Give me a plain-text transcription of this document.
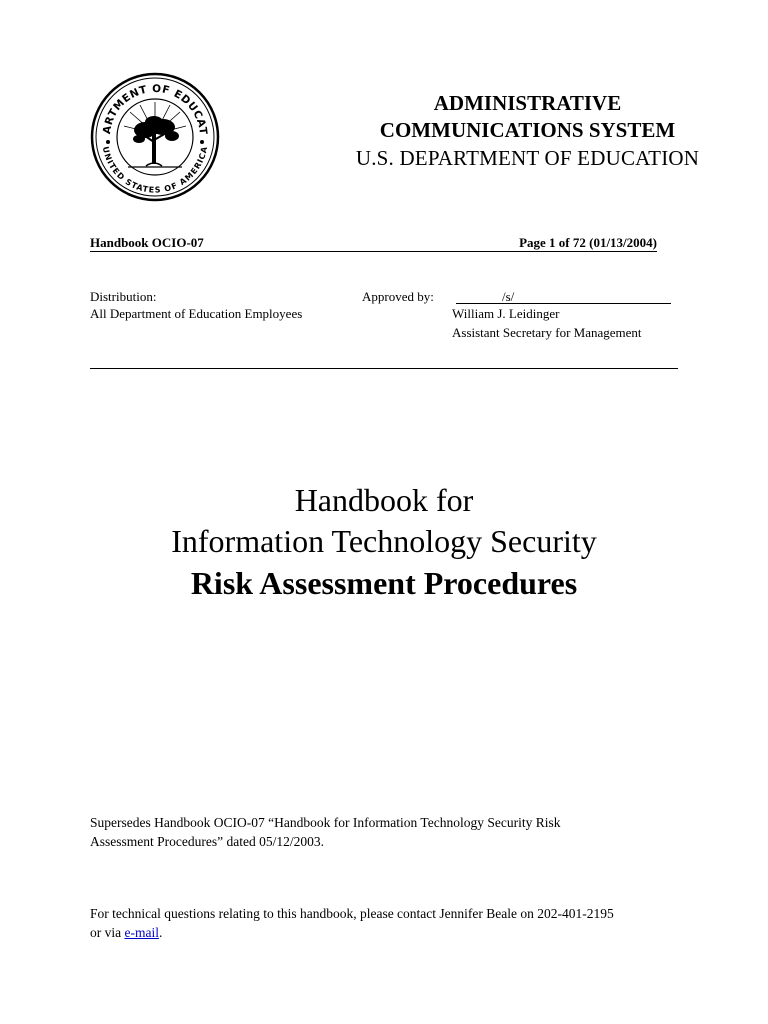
ARTMENT OF EDUCAT
UNITED STATES OF AMERICA
ADMINISTRATIVE
COMMUNICATIONS SYSTEM
U.S. DEPARTMENT OF EDUCATION
Handbook OCIO-07	Page 1 of 72 (01/13/2004)
Distribution:
All Department of Education Employees
Approved by:	/s/
William J. Leidinger
Assistant Secretary for Management
Handbook for
Information Technology Security
Risk Assessment Procedures
Supersedes Handbook OCIO-07 “Handbook for Information Technology Security Risk
Assessment Procedures” dated 05/12/2003.
For technical questions relating to this handbook, please contact Jennifer Beale on 202-401-2195
or via e-mail.
